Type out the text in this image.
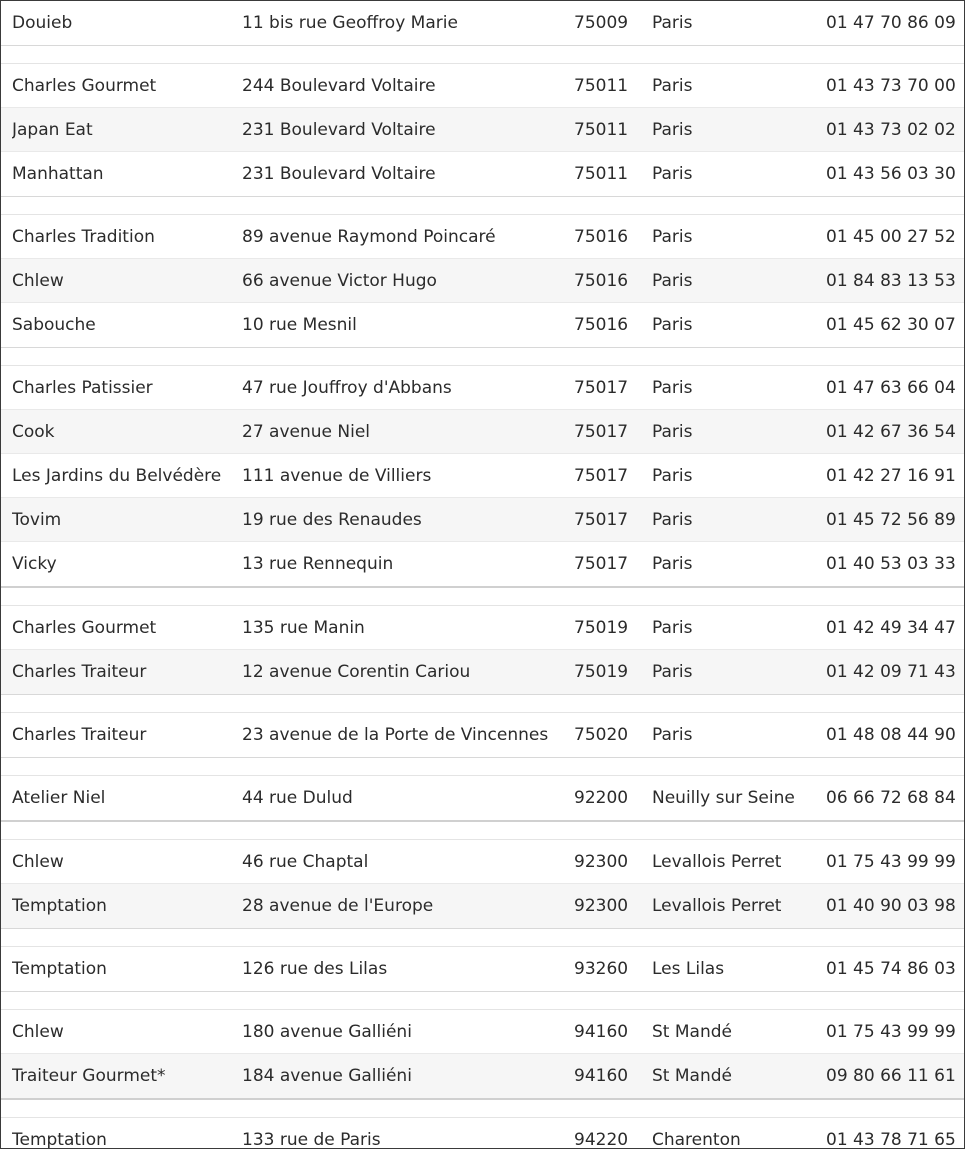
Douieb	11 bis rue Geoffroy Marie	75009	Paris	01 47 70 86 09
Charles Gourmet	244 Boulevard Voltaire	75011	Paris	01 43 73 70 00
Japan Eat	231 Boulevard Voltaire	75011	Paris	01 43 73 02 02
Manhattan	231 Boulevard Voltaire	75011	Paris	01 43 56 03 30
Charles Tradition	89 avenue Raymond Poincaré	75016	Paris	01 45 00 27 52
Chlew	66 avenue Victor Hugo	75016	Paris	01 84 83 13 53
Sabouche	10 rue Mesnil	75016	Paris	01 45 62 30 07
Charles Patissier	47 rue Jouffroy d'Abbans	75017	Paris	01 47 63 66 04
Cook	27 avenue Niel	75017	Paris	01 42 67 36 54
Les Jardins du Belvédère	111 avenue de Villiers	75017	Paris	01 42 27 16 91
Tovim	19 rue des Renaudes	75017	Paris	01 45 72 56 89
Vicky	13 rue Rennequin	75017	Paris	01 40 53 03 33
Charles Gourmet	135 rue Manin	75019	Paris	01 42 49 34 47
Charles Traiteur	12 avenue Corentin Cariou	75019	Paris	01 42 09 71 43
Charles Traiteur	23 avenue de la Porte de Vincennes	75020	Paris	01 48 08 44 90
Atelier Niel	44 rue Dulud	92200	Neuilly sur Seine	06 66 72 68 84
Chlew	46 rue Chaptal	92300	Levallois Perret	01 75 43 99 99
Temptation	28 avenue de l'Europe	92300	Levallois Perret	01 40 90 03 98
Temptation	126 rue des Lilas	93260	Les Lilas	01 45 74 86 03
Chlew	180 avenue Galliéni	94160	St Mandé	01 75 43 99 99
Traiteur Gourmet*	184 avenue Galliéni	94160	St Mandé	09 80 66 11 61
Temptation	133 rue de Paris	94220	Charenton	01 43 78 71 65
